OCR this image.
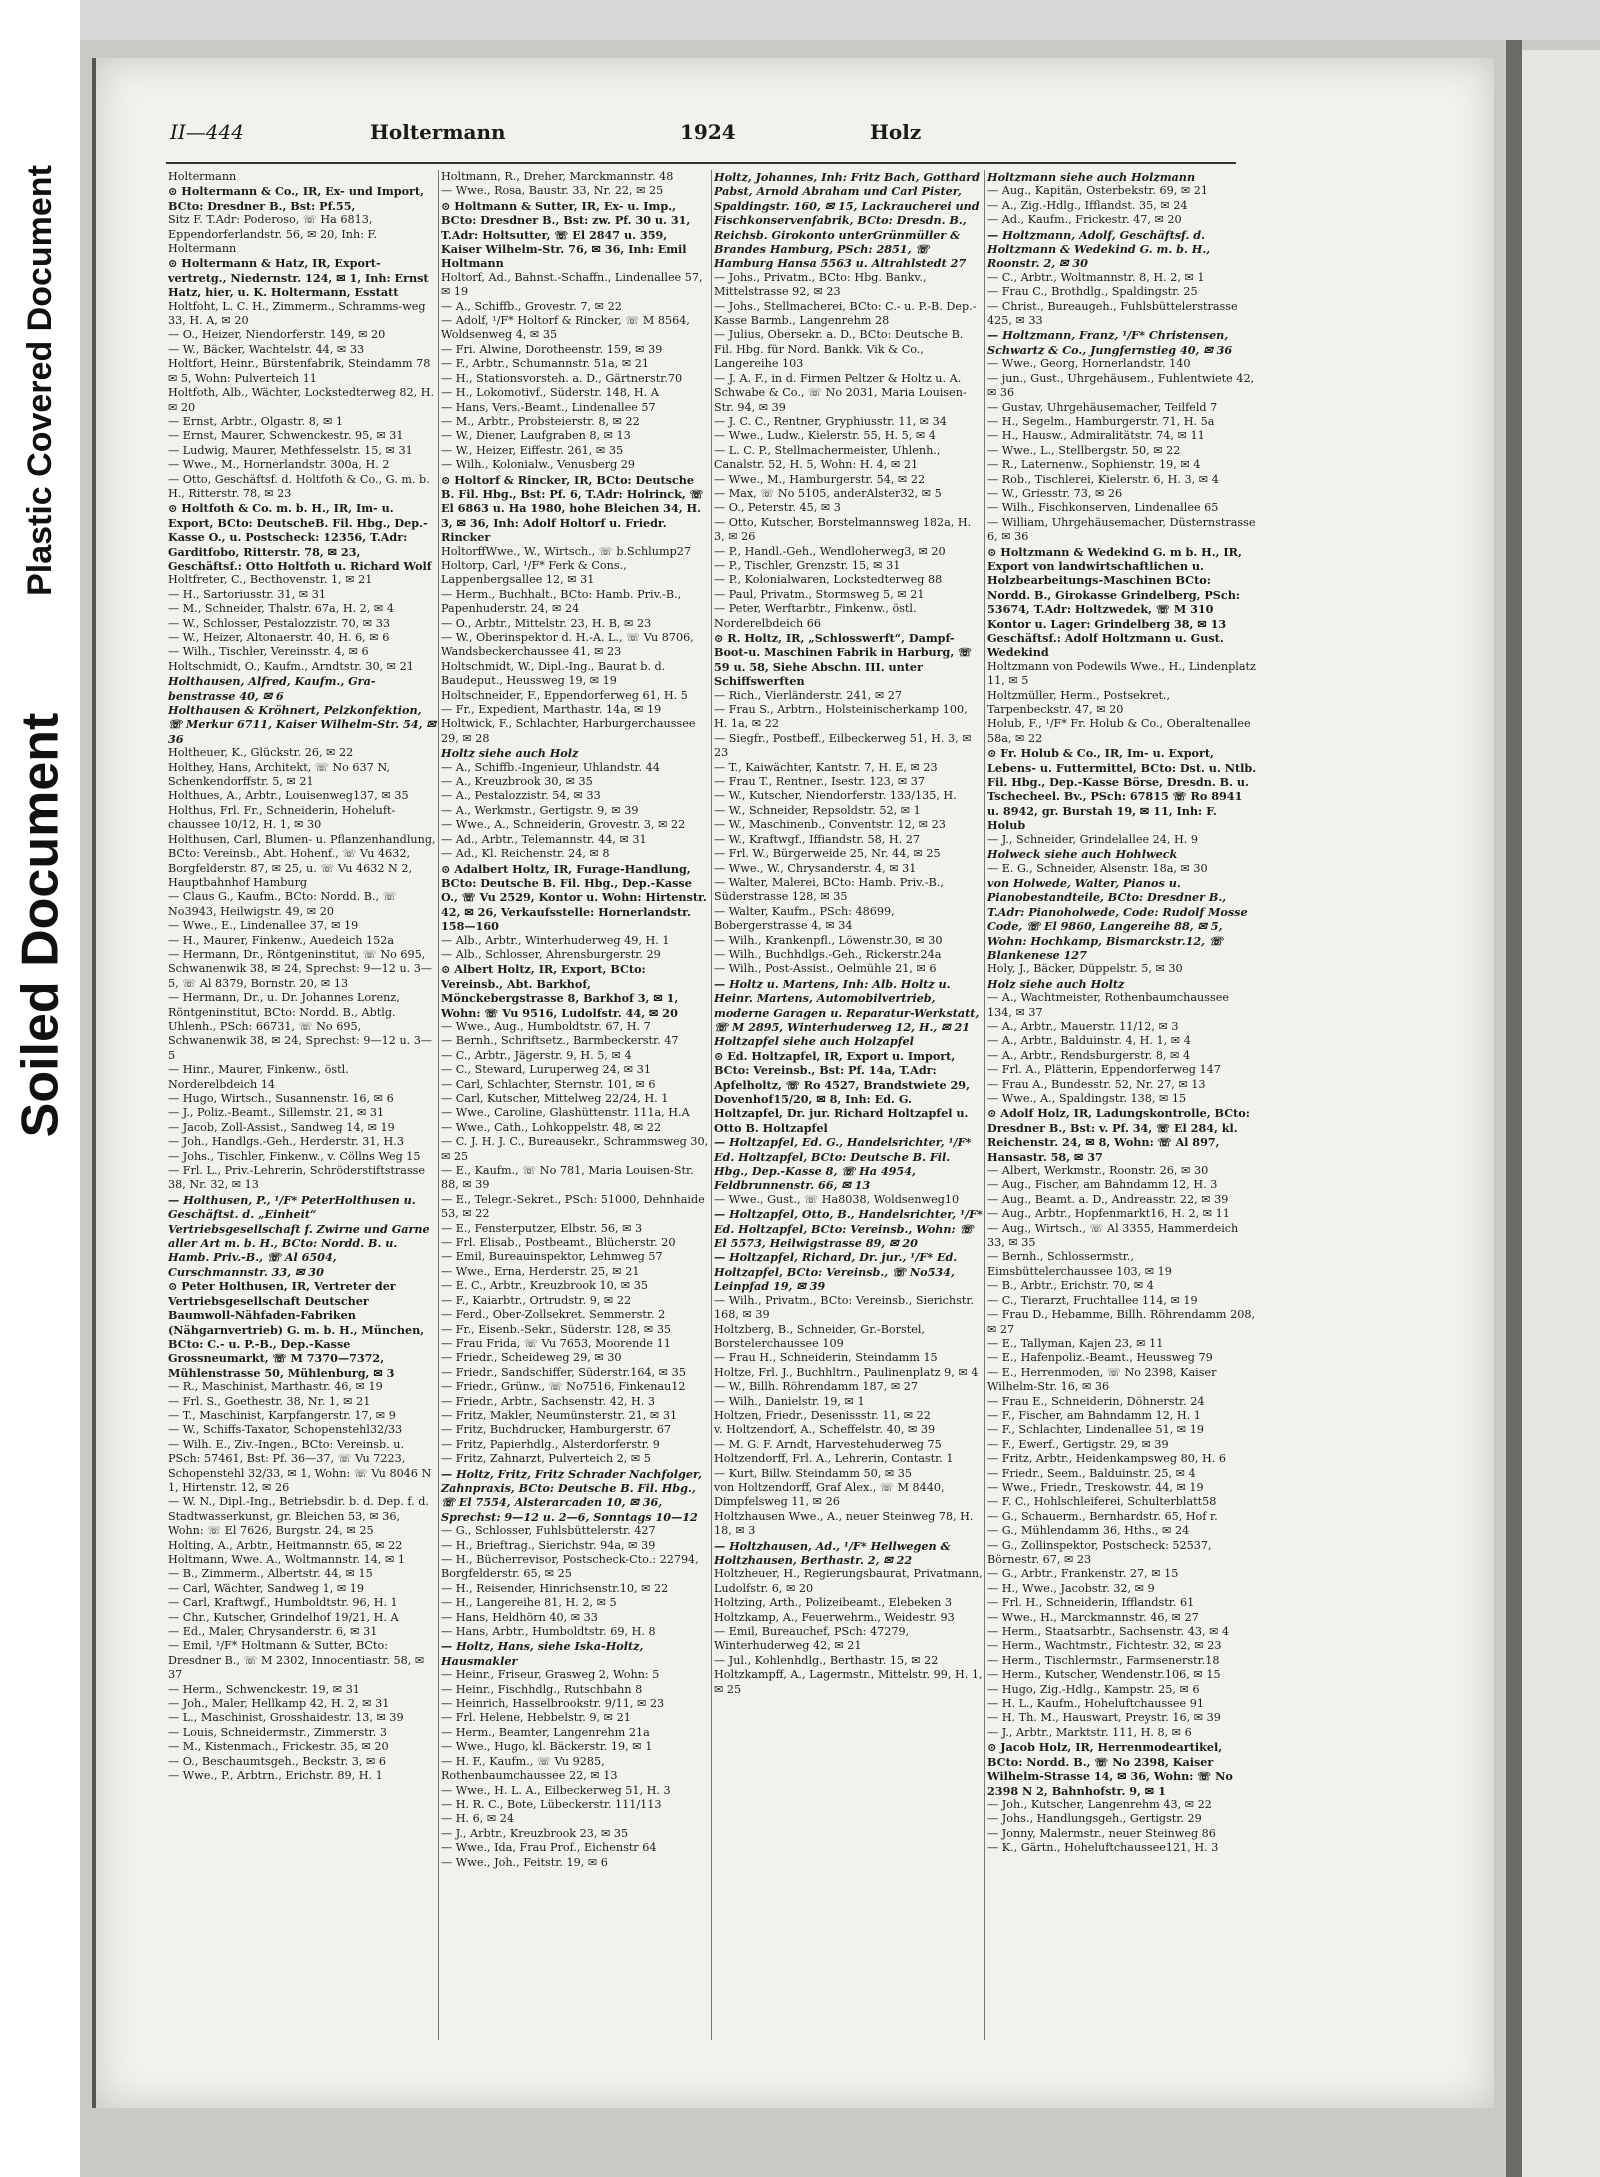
Plastic Covered Document
Soiled Document
II—444	Holtermann	1924	Holz

Holtermann

⊙ Holtermann & Co., IR, Ex- und Import, BCto: Dresdner B., Bst: Pf.55,

Sitz F. T.Adr: Poderoso, ☏ Ha 6813, Eppendorferlandstr. 56, ✉ 20, Inh: F. Holtermann

⊙ Holtermann & Hatz, IR, Export-vertretg., Niedernstr. 124, ✉ 1, Inh: Ernst Hatz, hier, u. K. Holtermann, Esstatt

Holtfoht, L. C. H., Zimmerm., Schramms-weg 33, H. A, ✉ 20

— O., Heizer, Niendorferstr. 149, ✉ 20

— W., Bäcker, Wachtelstr. 44, ✉ 33

Holtfort, Heinr., Bürstenfabrik, Steindamm 78 ✉ 5, Wohn: Pulverteich 11

Holtfoth, Alb., Wächter, Lockstedterweg 82, H. ✉ 20

— Ernst, Arbtr., Olgastr. 8, ✉ 1

— Ernst, Maurer, Schwenckestr. 95, ✉ 31

— Ludwig, Maurer, Methfesselstr. 15, ✉ 31

— Wwe., M., Hornerlandstr. 300a, H. 2

— Otto, Geschäftsf. d. Holtfoth & Co., G. m. b. H., Ritterstr. 78, ✉ 23

⊙ Holtfoth & Co. m. b. H., IR, Im- u. Export, BCto: DeutscheB. Fil. Hbg., Dep.-Kasse O., u. Postscheck: 12356, T.Adr: Garditfobo, Ritterstr. 78, ✉ 23, Geschäftsf.: Otto Holtfoth u. Richard Wolf

Holtfreter, C., Becthovenstr. 1, ✉ 21

— H., Sartoriusstr. 31, ✉ 31

— M., Schneider, Thalstr. 67a, H. 2, ✉ 4

— W., Schlosser, Pestalozzistr. 70, ✉ 33

— W., Heizer, Altonaerstr. 40, H. 6, ✉ 6

— Wilh., Tischler, Vereinsstr. 4, ✉ 6

Holtschmidt, O., Kaufm., Arndtstr. 30, ✉ 21

Holthausen, Alfred, Kaufm., Gra-benstrasse 40, ✉ 6

Holthausen & Kröhnert, Pelzkonfektion, ☏ Merkur 6711, Kaiser Wilhelm-Str. 54, ✉ 36

Holtheuer, K., Glückstr. 26, ✉ 22

Holthey, Hans, Architekt, ☏ No 637 N, Schenkendorffstr. 5, ✉ 21

Holthues, A., Arbtr., Louisenweg137, ✉ 35

Holthus, Frl. Fr., Schneiderin, Hoheluft-chaussee 10/12, H. 1, ✉ 30

Holthusen, Carl, Blumen- u. Pflanzenhandlung, BCto: Vereinsb., Abt. Hohenf., ☏ Vu 4632, Borgfelderstr. 87, ✉ 25, u. ☏ Vu 4632 N 2, Hauptbahnhof Hamburg

— Claus G., Kaufm., BCto: Nordd. B., ☏ No3943, Heilwigstr. 49, ✉ 20

— Wwe., E., Lindenallee 37, ✉ 19

— H., Maurer, Finkenw., Auedeich 152a

— Hermann, Dr., Röntgeninstitut, ☏ No 695, Schwanenwik 38, ✉ 24, Sprechst: 9—12 u. 3—5, ☏ Al 8379, Bornstr. 20, ✉ 13

— Hermann, Dr., u. Dr. Johannes Lorenz, Röntgeninstitut, BCto: Nordd. B., Abtlg. Uhlenh., PSch: 66731, ☏ No 695, Schwanenwik 38, ✉ 24, Sprechst: 9—12 u. 3—5

— Hinr., Maurer, Finkenw., östl. Norderelbdeich 14

— Hugo, Wirtsch., Susannenstr. 16, ✉ 6

— J., Poliz.-Beamt., Sillemstr. 21, ✉ 31

— Jacob, Zoll-Assist., Sandweg 14, ✉ 19

— Joh., Handlgs.-Geh., Herderstr. 31, H.3

— Johs., Tischler, Finkenw., v. Cöllns Weg 15

— Frl. L., Priv.-Lehrerin, Schröderstiftstrasse 38, Nr. 32, ✉ 13

— Holthusen, P., ¹/F* PeterHolthusen u. Geschäftst. d. „Einheit“ Vertriebsgesellschaft f. Zwirne und Garne aller Art m. b. H., BCto: Nordd. B. u. Hamb. Priv.-B., ☏ Al 6504, Curschmannstr. 33, ✉ 30

⊙ Peter Holthusen, IR, Vertreter der Vertriebsgesellschaft Deutscher Baumwoll-Nähfaden-Fabriken (Nähgarnvertrieb) G. m. b. H., München, BCto: C.- u. P.-B., Dep.-Kasse Grossneumarkt, ☏ M 7370—7372, Mühlenstrasse 50, Mühlenburg, ✉ 3

— R., Maschinist, Marthastr. 46, ✉ 19

— Frl. S., Goethestr. 38, Nr. 1, ✉ 21

— T., Maschinist, Karpfangerstr. 17, ✉ 9

— W., Schiffs-Taxator, Schopenstehl32/33

— Wilh. E., Ziv.-Ingen., BCto: Vereinsb. u. PSch: 57461, Bst: Pf. 36—37, ☏ Vu 7223, Schopenstehl 32/33, ✉ 1, Wohn: ☏ Vu 8046 N 1, Hirtenstr. 12, ✉ 26

— W. N., Dipl.-Ing., Betriebsdir. b. d. Dep. f. d. Stadtwasserkunst, gr. Bleichen 53, ✉ 36, Wohn: ☏ El 7626, Burgstr. 24, ✉ 25

Holting, A., Arbtr., Heitmannstr. 65, ✉ 22

Holtmann, Wwe. A., Woltmannstr. 14, ✉ 1

— B., Zimmerm., Albertstr. 44, ✉ 15

— Carl, Wächter, Sandweg 1, ✉ 19

— Carl, Kraftwgf., Humboldtstr. 96, H. 1

— Chr., Kutscher, Grindelhof 19/21, H. A

— Ed., Maler, Chrysanderstr. 6, ✉ 31

— Emil, ¹/F* Holtmann & Sutter, BCto: Dresdner B., ☏ M 2302, Innocentiastr. 58, ✉ 37

— Herm., Schwenckestr. 19, ✉ 31

— Joh., Maler, Hellkamp 42, H. 2, ✉ 31

— L., Maschinist, Grosshaidestr. 13, ✉ 39

— Louis, Schneidermstr., Zimmerstr. 3

— M., Kistenmach., Frickestr. 35, ✉ 20

— O., Beschaumtsgeh., Beckstr. 3, ✉ 6

— Wwe., P., Arbtrn., Erichstr. 89, H. 1

Holtmann, R., Dreher, Marckmannstr. 48

— Wwe., Rosa, Baustr. 33, Nr. 22, ✉ 25

⊙ Holtmann & Sutter, IR, Ex- u. Imp., BCto: Dresdner B., Bst: zw. Pf. 30 u. 31, T.Adr: Holtsutter, ☏ El 2847 u. 359, Kaiser Wilhelm-Str. 76, ✉ 36, Inh: Emil Holtmann

Holtorf, Ad., Bahnst.-Schaffn., Lindenallee 57, ✉ 19

— A., Schiffb., Grovestr. 7, ✉ 22

— Adolf, ¹/F* Holtorf & Rincker, ☏ M 8564, Woldsenweg 4, ✉ 35

— Fri. Alwine, Dorotheenstr. 159, ✉ 39

— F., Arbtr., Schumannstr. 51a, ✉ 21

— H., Stationsvorsteh. a. D., Gärtnerstr.70

— H., Lokomotivf., Süderstr. 148, H. A

— Hans, Vers.-Beamt., Lindenallee 57

— M., Arbtr., Probsteierstr. 8, ✉ 22

— W., Diener, Laufgraben 8, ✉ 13

— W., Heizer, Eiffestr. 261, ✉ 35

— Wilh., Kolonialw., Venusberg 29

⊙ Holtorf & Rincker, IR, BCto: Deutsche B. Fil. Hbg., Bst: Pf. 6, T.Adr: Holrinck, ☏ El 6863 u. Ha 1980, hohe Bleichen 34, H. 3, ✉ 36, Inh: Adolf Holtorf u. Friedr. Rincker

HoltorffWwe., W., Wirtsch., ☏ b.Schlump27

Holtorp, Carl, ¹/F* Ferk & Cons., Lappenbergsallee 12, ✉ 31

— Herm., Buchhalt., BCto: Hamb. Priv.-B., Papenhuderstr. 24, ✉ 24

— O., Arbtr., Mittelstr. 23, H. B, ✉ 23

— W., Oberinspektor d. H.-A. L., ☏ Vu 8706, Wandsbeckerchaussee 41, ✉ 23

Holtschmidt, W., Dipl.-Ing., Baurat b. d. Baudeput., Heussweg 19, ✉ 19

Holtschneider, F., Eppendorferweg 61, H. 5

— Fr., Expedient, Marthastr. 14a, ✉ 19

Holtwick, F., Schlachter, Harburgerchaussee 29, ✉ 28

Holtz siehe auch Holz

— A., Schiffb.-Ingenieur, Uhlandstr. 44

— A., Kreuzbrook 30, ✉ 35

— A., Pestalozzistr. 54, ✉ 33

— A., Werkmstr., Gertigstr. 9, ✉ 39

— Wwe., A., Schneiderin, Grovestr. 3, ✉ 22

— Ad., Arbtr., Telemannstr. 44, ✉ 31

— Ad., Kl. Reichenstr. 24, ✉ 8

⊙ Adalbert Holtz, IR, Furage-Handlung, BCto: Deutsche B. Fil. Hbg., Dep.-Kasse O., ☏ Vu 2529, Kontor u. Wohn: Hirtenstr. 42, ✉ 26, Verkaufsstelle: Hornerlandstr. 158—160

— Alb., Arbtr., Winterhuderweg 49, H. 1

— Alb., Schlosser, Ahrensburgerstr. 29

⊙ Albert Holtz, IR, Export, BCto: Vereinsb., Abt. Barkhof, Mönckebergstrasse 8, Barkhof 3, ✉ 1, Wohn: ☏ Vu 9516, Ludolfstr. 44, ✉ 20

— Wwe., Aug., Humboldtstr. 67, H. 7

— Bernh., Schriftsetz., Barmbeckerstr. 47

— C., Arbtr., Jägerstr. 9, H. 5, ✉ 4

— C., Steward, Luruperweg 24, ✉ 31

— Carl, Schlachter, Sternstr. 101, ✉ 6

— Carl, Kutscher, Mittelweg 22/24, H. 1

— Wwe., Caroline, Glashüttenstr. 111a, H.A

— Wwe., Cath., Lohkoppelstr. 48, ✉ 22

— C. J. H. J. C., Bureausekr., Schrammsweg 30, ✉ 25

— E., Kaufm., ☏ No 781, Maria Louisen-Str. 88, ✉ 39

— E., Telegr.-Sekret., PSch: 51000, Dehnhaide 53, ✉ 22

— E., Fensterputzer, Elbstr. 56, ✉ 3

— Frl. Elisab., Postbeamt., Blücherstr. 20

— Emil, Bureauinspektor, Lehmweg 57

— Wwe., Erna, Herderstr. 25, ✉ 21

— E. C., Arbtr., Kreuzbrook 10, ✉ 35

— F., Kaiarbtr., Ortrudstr. 9, ✉ 22

— Ferd., Ober-Zollsekret. Semmerstr. 2

— Fr., Eisenb.-Sekr., Süderstr. 128, ✉ 35

— Frau Frida, ☏ Vu 7653, Moorende 11

— Friedr., Scheideweg 29, ✉ 30

— Friedr., Sandschiffer, Süderstr.164, ✉ 35

— Friedr., Grünw., ☏ No7516, Finkenau12

— Friedr., Arbtr., Sachsenstr. 42, H. 3

— Fritz, Makler, Neumünsterstr. 21, ✉ 31

— Fritz, Buchdrucker, Hamburgerstr. 67

— Fritz, Papierhdlg., Alsterdorferstr. 9

— Fritz, Zahnarzt, Pulverteich 2, ✉ 5

— Holtz, Fritz, Fritz Schrader Nachfolger, Zahnpraxis, BCto: Deutsche B. Fil. Hbg., ☏ El 7554, Alsterarcaden 10, ✉ 36, Sprechst: 9—12 u. 2—6, Sonntags 10—12

— G., Schlosser, Fuhlsbüttelerstr. 427

— H., Brieftrag., Sierichstr. 94a, ✉ 39

— H., Bücherrevisor, Postscheck-Cto.: 22794, Borgfelderstr. 65, ✉ 25

— H., Reisender, Hinrichsenstr.10, ✉ 22

— H., Langereihe 81, H. 2, ✉ 5

— Hans, Heldhörn 40, ✉ 33

— Hans, Arbtr., Humboldtstr. 69, H. 8

— Holtz, Hans, siehe Iska-Holtz, Hausmakler

— Heinr., Friseur, Grasweg 2, Wohn: 5

— Heinr., Fischhdlg., Rutschbahn 8

— Heinrich, Hasselbrookstr. 9/11, ✉ 23

— Frl. Helene, Hebbelstr. 9, ✉ 21

— Herm., Beamter, Langenrehm 21a

— Wwe., Hugo, kl. Bäckerstr. 19, ✉ 1

— H. F., Kaufm., ☏ Vu 9285, Rothenbaumchaussee 22, ✉ 13

— Wwe., H. L. A., Eilbeckerweg 51, H. 3

— H. R. C., Bote, Lübeckerstr. 111/113

— H. 6, ✉ 24

— J., Arbtr., Kreuzbrook 23, ✉ 35

— Wwe., Ida, Frau Prof., Eichenstr 64

— Wwe., Joh., Feitstr. 19, ✉ 6

Holtz, Johannes, Inh: Fritz Bach, Gotthard Pabst, Arnold Abraham und Carl Pister, Spaldingstr. 160, ✉ 15, Lackraucherei und Fischkonservenfabrik, BCto: Dresdn. B., Reichsb. Girokonto unterGrünmüller & Brandes Hamburg, PSch: 2851, ☏ Hamburg Hansa 5563 u. Altrahlstedt 27

— Johs., Privatm., BCto: Hbg. Bankv., Mittelstrasse 92, ✉ 23

— Johs., Stellmacherei, BCto: C.- u. P.-B. Dep.-Kasse Barmb., Langenrehm 28

— Julius, Obersekr. a. D., BCto: Deutsche B. Fil. Hbg. für Nord. Bankk. Vik & Co., Langereihe 103

— J. A. F., in d. Firmen Peltzer & Holtz u. A. Schwabe & Co., ☏ No 2031, Maria Louisen-Str. 94, ✉ 39

— J. C. C., Rentner, Gryphiusstr. 11, ✉ 34

— Wwe., Ludw., Kielerstr. 55, H. 5, ✉ 4

— L. C. P., Stellmachermeister, Uhlenh., Canalstr. 52, H. 5, Wohn: H. 4, ✉ 21

— Wwe., M., Hamburgerstr. 54, ✉ 22

— Max, ☏ No 5105, anderAlster32, ✉ 5

— O., Peterstr. 45, ✉ 3

— Otto, Kutscher, Borstelmannsweg 182a, H. 3, ✉ 26

— P., Handl.-Geh., Wendloherweg3, ✉ 20

— P., Tischler, Grenzstr. 15, ✉ 31

— P., Kolonialwaren, Lockstedterweg 88

— Paul, Privatm., Stormsweg 5, ✉ 21

— Peter, Werftarbtr., Finkenw., östl. Norderelbdeich 66

⊙ R. Holtz, IR, „Schlosswerft“, Dampf-Boot-u. Maschinen Fabrik in Harburg, ☏ 59 u. 58, Siehe Abschn. III. unter Schiffswerften

— Rich., Vierländerstr. 241, ✉ 27

— Frau S., Arbtrn., Holsteinischerkamp 100, H. 1a, ✉ 22

— Siegfr., Postbeff., Eilbeckerweg 51, H. 3, ✉ 23

— T., Kaiwächter, Kantstr. 7, H. E, ✉ 23

— Frau T., Rentner., Isestr. 123, ✉ 37

— W., Kutscher, Niendorferstr. 133/135, H.

— W., Schneider, Repsoldstr. 52, ✉ 1

— W., Maschinenb., Conventstr. 12, ✉ 23

— W., Kraftwgf., Iffiandstr. 58, H. 27

— Frl. W., Bürgerweide 25, Nr. 44, ✉ 25

— Wwe., W., Chrysanderstr. 4, ✉ 31

— Walter, Malerei, BCto: Hamb. Priv.-B., Süderstrasse 128, ✉ 35

— Walter, Kaufm., PSch: 48699, Bobergerstrasse 4, ✉ 34

— Wilh., Krankenpfl., Löwenstr.30, ✉ 30

— Wilh., Buchhdlgs.-Geh., Rickerstr.24a

— Wilh., Post-Assist., Oelmühle 21, ✉ 6

— Holtz u. Martens, Inh: Alb. Holtz u. Heinr. Martens, Automobilvertrieb, moderne Garagen u. Reparatur-Werkstatt, ☏ M 2895, Winterhuderweg 12, H., ✉ 21

Holtzapfel siehe auch Holzapfel

⊙ Ed. Holtzapfel, IR, Export u. Import, BCto: Vereinsb., Bst: Pf. 14a, T.Adr: Apfelholtz, ☏ Ro 4527, Brandstwiete 29, Dovenhof15/20, ✉ 8, Inh: Ed. G. Holtzapfel, Dr. jur. Richard Holtzapfel u. Otto B. Holtzapfel

— Holtzapfel, Ed. G., Handelsrichter, ¹/F* Ed. Holtzapfel, BCto: Deutsche B. Fil. Hbg., Dep.-Kasse 8, ☏ Ha 4954, Feldbrunnenstr. 66, ✉ 13

— Wwe., Gust., ☏ Ha8038, Woldsenweg10

— Holtzapfel, Otto, B., Handelsrichter, ¹/F* Ed. Holtzapfel, BCto: Vereinsb., Wohn: ☏ El 5573, Heilwigstrasse 89, ✉ 20

— Holtzapfel, Richard, Dr. jur., ¹/F* Ed. Holtzapfel, BCto: Vereinsb., ☏ No534, Leinpfad 19, ✉ 39

— Wilh., Privatm., BCto: Vereinsb., Sierichstr. 168, ✉ 39

Holtzberg, B., Schneider, Gr.-Borstel, Borstelerchaussee 109

— Frau H., Schneiderin, Steindamm 15

Holtze, Frl. J., Buchhltrn., Paulinenplatz 9, ✉ 4

— W., Billh. Röhrendamm 187, ✉ 27

— Wilh., Danielstr. 19, ✉ 1

Holtzen, Friedr., Desenissstr. 11, ✉ 22

v. Holtzendorf, A., Scheffelstr. 40, ✉ 39

— M. G. F. Arndt, Harvestehuderweg 75

Holtzendorff, Frl. A., Lehrerin, Contastr. 1

— Kurt, Billw. Steindamm 50, ✉ 35

von Holtzendorff, Graf Alex., ☏ M 8440, Dimpfelsweg 11, ✉ 26

Holtzhausen Wwe., A., neuer Steinweg 78, H. 18, ✉ 3

— Holtzhausen, Ad., ¹/F* Hellwegen & Holtzhausen, Berthastr. 2, ✉ 22

Holtzheuer, H., Regierungsbaurat, Privatmann, Ludolfstr. 6, ✉ 20

Holtzing, Arth., Polizeibeamt., Elebeken 3

Holtzkamp, A., Feuerwehrm., Weidestr. 93

— Emil, Bureauchef, PSch: 47279, Winterhuderweg 42, ✉ 21

— Jul., Kohlenhdlg., Berthastr. 15, ✉ 22

Holtzkampff, A., Lagermstr., Mittelstr. 99, H. 1, ✉ 25

Holtzmann siehe auch Holzmann

— Aug., Kapitän, Osterbekstr. 69, ✉ 21

— A., Zig.-Hdlg., Ifflandst. 35, ✉ 24

— Ad., Kaufm., Frickestr. 47, ✉ 20

— Holtzmann, Adolf, Geschäftsf. d. Holtzmann & Wedekind G. m. b. H., Roonstr. 2, ✉ 30

— C., Arbtr., Woltmannstr. 8, H. 2, ✉ 1

— Frau C., Brothdlg., Spaldingstr. 25

— Christ., Bureaugeh., Fuhlsbüttelerstrasse 425, ✉ 33

— Holtzmann, Franz, ¹/F* Christensen, Schwartz & Co., Jungfernstieg 40, ✉ 36

— Wwe., Georg, Hornerlandstr. 140

— jun., Gust., Uhrgehäusem., Fuhlentwiete 42, ✉ 36

— Gustav, Uhrgehäusemacher, Teilfeld 7

— H., Segelm., Hamburgerstr. 71, H. 5a

— H., Hausw., Admiralitätstr. 74, ✉ 11

— Wwe., L., Stellbergstr. 50, ✉ 22

— R., Laternenw., Sophienstr. 19, ✉ 4

— Rob., Tischlerei, Kielerstr. 6, H. 3, ✉ 4

— W., Griesstr. 73, ✉ 26

— Wilh., Fischkonserven, Lindenallee 65

— William, Uhrgehäusemacher, Düsternstrasse 6, ✉ 36

⊙ Holtzmann & Wedekind G. m b. H., IR, Export von landwirtschaftlichen u. Holzbearbeitungs-Maschinen BCto: Nordd. B., Girokasse Grindelberg, PSch: 53674, T.Adr: Holtzwedek, ☏ M 310 Kontor u. Lager: Grindelberg 38, ✉ 13 Geschäftsf.: Adolf Holtzmann u. Gust. Wedekind

Holtzmann von Podewils Wwe., H., Lindenplatz 11, ✉ 5

Holtzmüller, Herm., Postsekret., Tarpenbeckstr. 47, ✉ 20

Holub, F., ¹/F* Fr. Holub & Co., Oberaltenallee 58a, ✉ 22

⊙ Fr. Holub & Co., IR, Im- u. Export, Lebens- u. Futtermittel, BCto: Dst. u. Ntlb. Fil. Hbg., Dep.-Kasse Börse, Dresdn. B. u. Tschecheel. Bv., PSch: 67815 ☏ Ro 8941 u. 8942, gr. Burstah 19, ✉ 11, Inh: F. Holub

— J., Schneider, Grindelallee 24, H. 9

Holweck siehe auch Hohlweck

— E. G., Schneider, Alsenstr. 18a, ✉ 30

von Holwede, Walter, Pianos u. Pianobestandteile, BCto: Dresdner B., T.Adr: Pianoholwede, Code: Rudolf Mosse Code, ☏ El 9860, Langereihe 88, ✉ 5, Wohn: Hochkamp, Bismarckstr.12, ☏ Blankenese 127

Holy, J., Bäcker, Düppelstr. 5, ✉ 30

Holz siehe auch Holtz

— A., Wachtmeister, Rothenbaumchaussee 134, ✉ 37

— A., Arbtr., Mauerstr. 11/12, ✉ 3

— A., Arbtr., Balduinstr. 4, H. 1, ✉ 4

— A., Arbtr., Rendsburgerstr. 8, ✉ 4

— Frl. A., Plätterin, Eppendorferweg 147

— Frau A., Bundesstr. 52, Nr. 27, ✉ 13

— Wwe., A., Spaldingstr. 138, ✉ 15

⊙ Adolf Holz, IR, Ladungskontrolle, BCto: Dresdner B., Bst: v. Pf. 34, ☏ El 284, kl. Reichenstr. 24, ✉ 8, Wohn: ☏ Al 897, Hansastr. 58, ✉ 37

— Albert, Werkmstr., Roonstr. 26, ✉ 30

— Aug., Fischer, am Bahndamm 12, H. 3

— Aug., Beamt. a. D., Andreasstr. 22, ✉ 39

— Aug., Arbtr., Hopfenmarkt16, H. 2, ✉ 11

— Aug., Wirtsch., ☏ Al 3355, Hammerdeich 33, ✉ 35

— Bernh., Schlossermstr., Eimsbüttelerchaussee 103, ✉ 19

— B., Arbtr., Erichstr. 70, ✉ 4

— C., Tierarzt, Fruchtallee 114, ✉ 19

— Frau D., Hebamme, Billh. Röhrendamm 208, ✉ 27

— E., Tallyman, Kajen 23, ✉ 11

— E., Hafenpoliz.-Beamt., Heussweg 79

— E., Herrenmoden, ☏ No 2398, Kaiser Wilhelm-Str. 16, ✉ 36

— Frau E., Schneiderin, Döhnerstr. 24

— F., Fischer, am Bahndamm 12, H. 1

— F., Schlachter, Lindenallee 51, ✉ 19

— F., Ewerf., Gertigstr. 29, ✉ 39

— Fritz, Arbtr., Heidenkampsweg 80, H. 6

— Friedr., Seem., Balduinstr. 25, ✉ 4

— Wwe., Friedr., Treskowstr. 44, ✉ 19

— F. C., Hohlschleiferei, Schulterblatt58

— G., Schauerm., Bernhardstr. 65, Hof r.

— G., Mühlendamm 36, Hths., ✉ 24

— G., Zollinspektor, Postscheck: 52537, Börnestr. 67, ✉ 23

— G., Arbtr., Frankenstr. 27, ✉ 15

— H., Wwe., Jacobstr. 32, ✉ 9

— Frl. H., Schneiderin, Ifflandstr. 61

— Wwe., H., Marckmannstr. 46, ✉ 27

— Herm., Staatsarbtr., Sachsenstr. 43, ✉ 4

— Herm., Wachtmstr., Fichtestr. 32, ✉ 23

— Herm., Tischlermstr., Farmsenerstr.18

— Herm., Kutscher, Wendenstr.106, ✉ 15

— Hugo, Zig.-Hdlg., Kampstr. 25, ✉ 6

— H. L., Kaufm., Hoheluftchaussee 91

— H. Th. M., Hauswart, Preystr. 16, ✉ 39

— J., Arbtr., Marktstr. 111, H. 8, ✉ 6

⊙ Jacob Holz, IR, Herrenmodeartikel, BCto: Nordd. B., ☏ No 2398, Kaiser Wilhelm-Strasse 14, ✉ 36, Wohn: ☏ No 2398 N 2, Bahnhofstr. 9, ✉ 1

— Joh., Kutscher, Langenrehm 43, ✉ 22

— Johs., Handlungsgeh., Gertigstr. 29

— Jonny, Malermstr., neuer Steinweg 86

— K., Gärtn., Hoheluftchaussee121, H. 3
